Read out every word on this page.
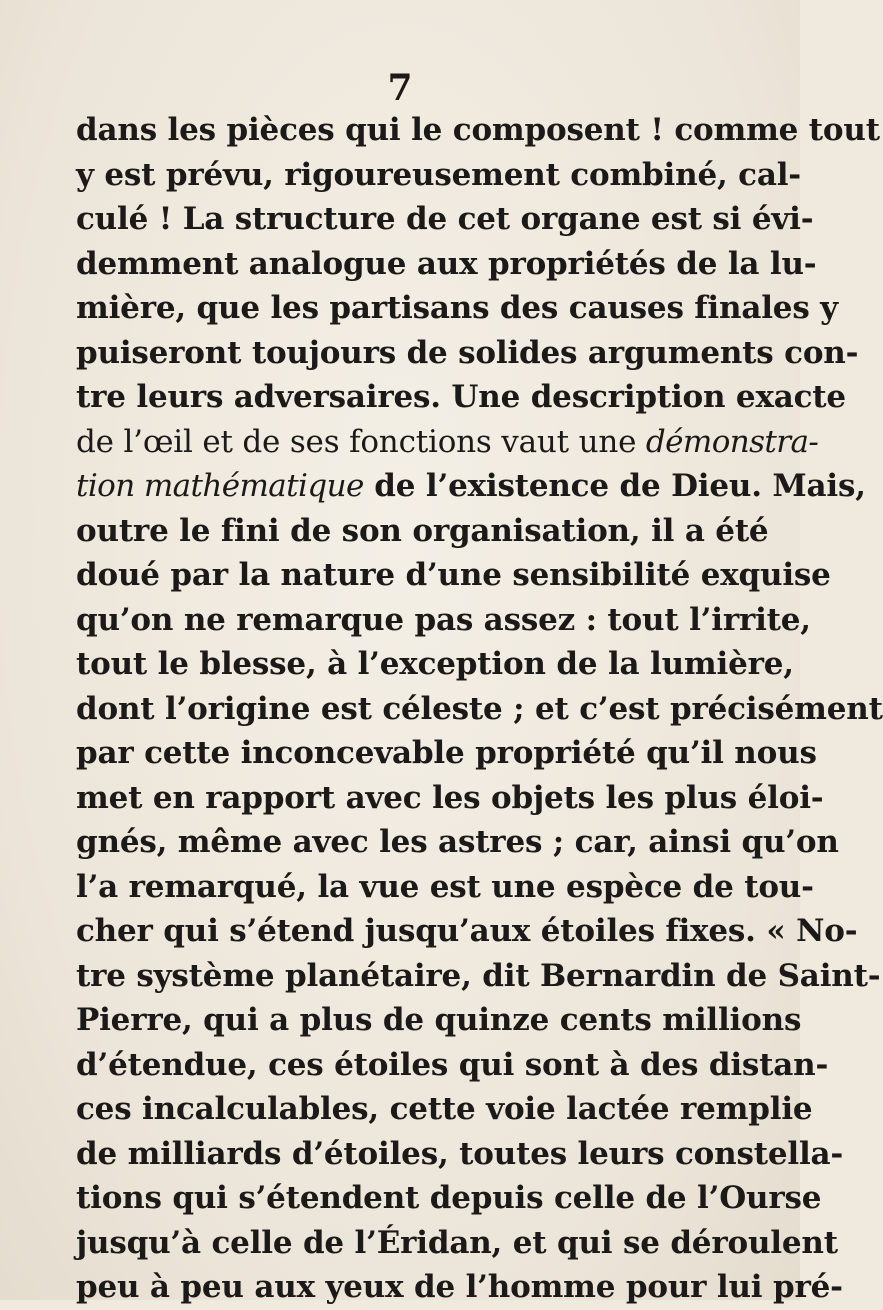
7
dans les pièces qui le composent ! comme tout
y est prévu, rigoureusement combiné, cal-
culé ! La structure de cet organe est si évi-
demment analogue aux propriétés de la lu-
mière, que les partisans des causes finales y
puiseront toujours de solides arguments con-
tre leurs adversaires. Une description exacte
de l’œil et de ses fonctions vaut une démonstra-
tion mathématique de l’existence de Dieu. Mais,
outre le fini de son organisation, il a été
doué par la nature d’une sensibilité exquise
qu’on ne remarque pas assez : tout l’irrite,
tout le blesse, à l’exception de la lumière,
dont l’origine est céleste ; et c’est précisément
par cette inconcevable propriété qu’il nous
met en rapport avec les objets les plus éloi-
gnés, même avec les astres ; car, ainsi qu’on
l’a remarqué, la vue est une espèce de tou-
cher qui s’étend jusqu’aux étoiles fixes. « No-
tre système planétaire, dit Bernardin de Saint-
Pierre, qui a plus de quinze cents millions
d’étendue, ces étoiles qui sont à des distan-
ces incalculables, cette voie lactée remplie
de milliards d’étoiles, toutes leurs constella-
tions qui s’étendent depuis celle de l’Ourse
jusqu’à celle de l’Éridan, et qui se déroulent
peu à peu aux yeux de l’homme pour lui pré-
